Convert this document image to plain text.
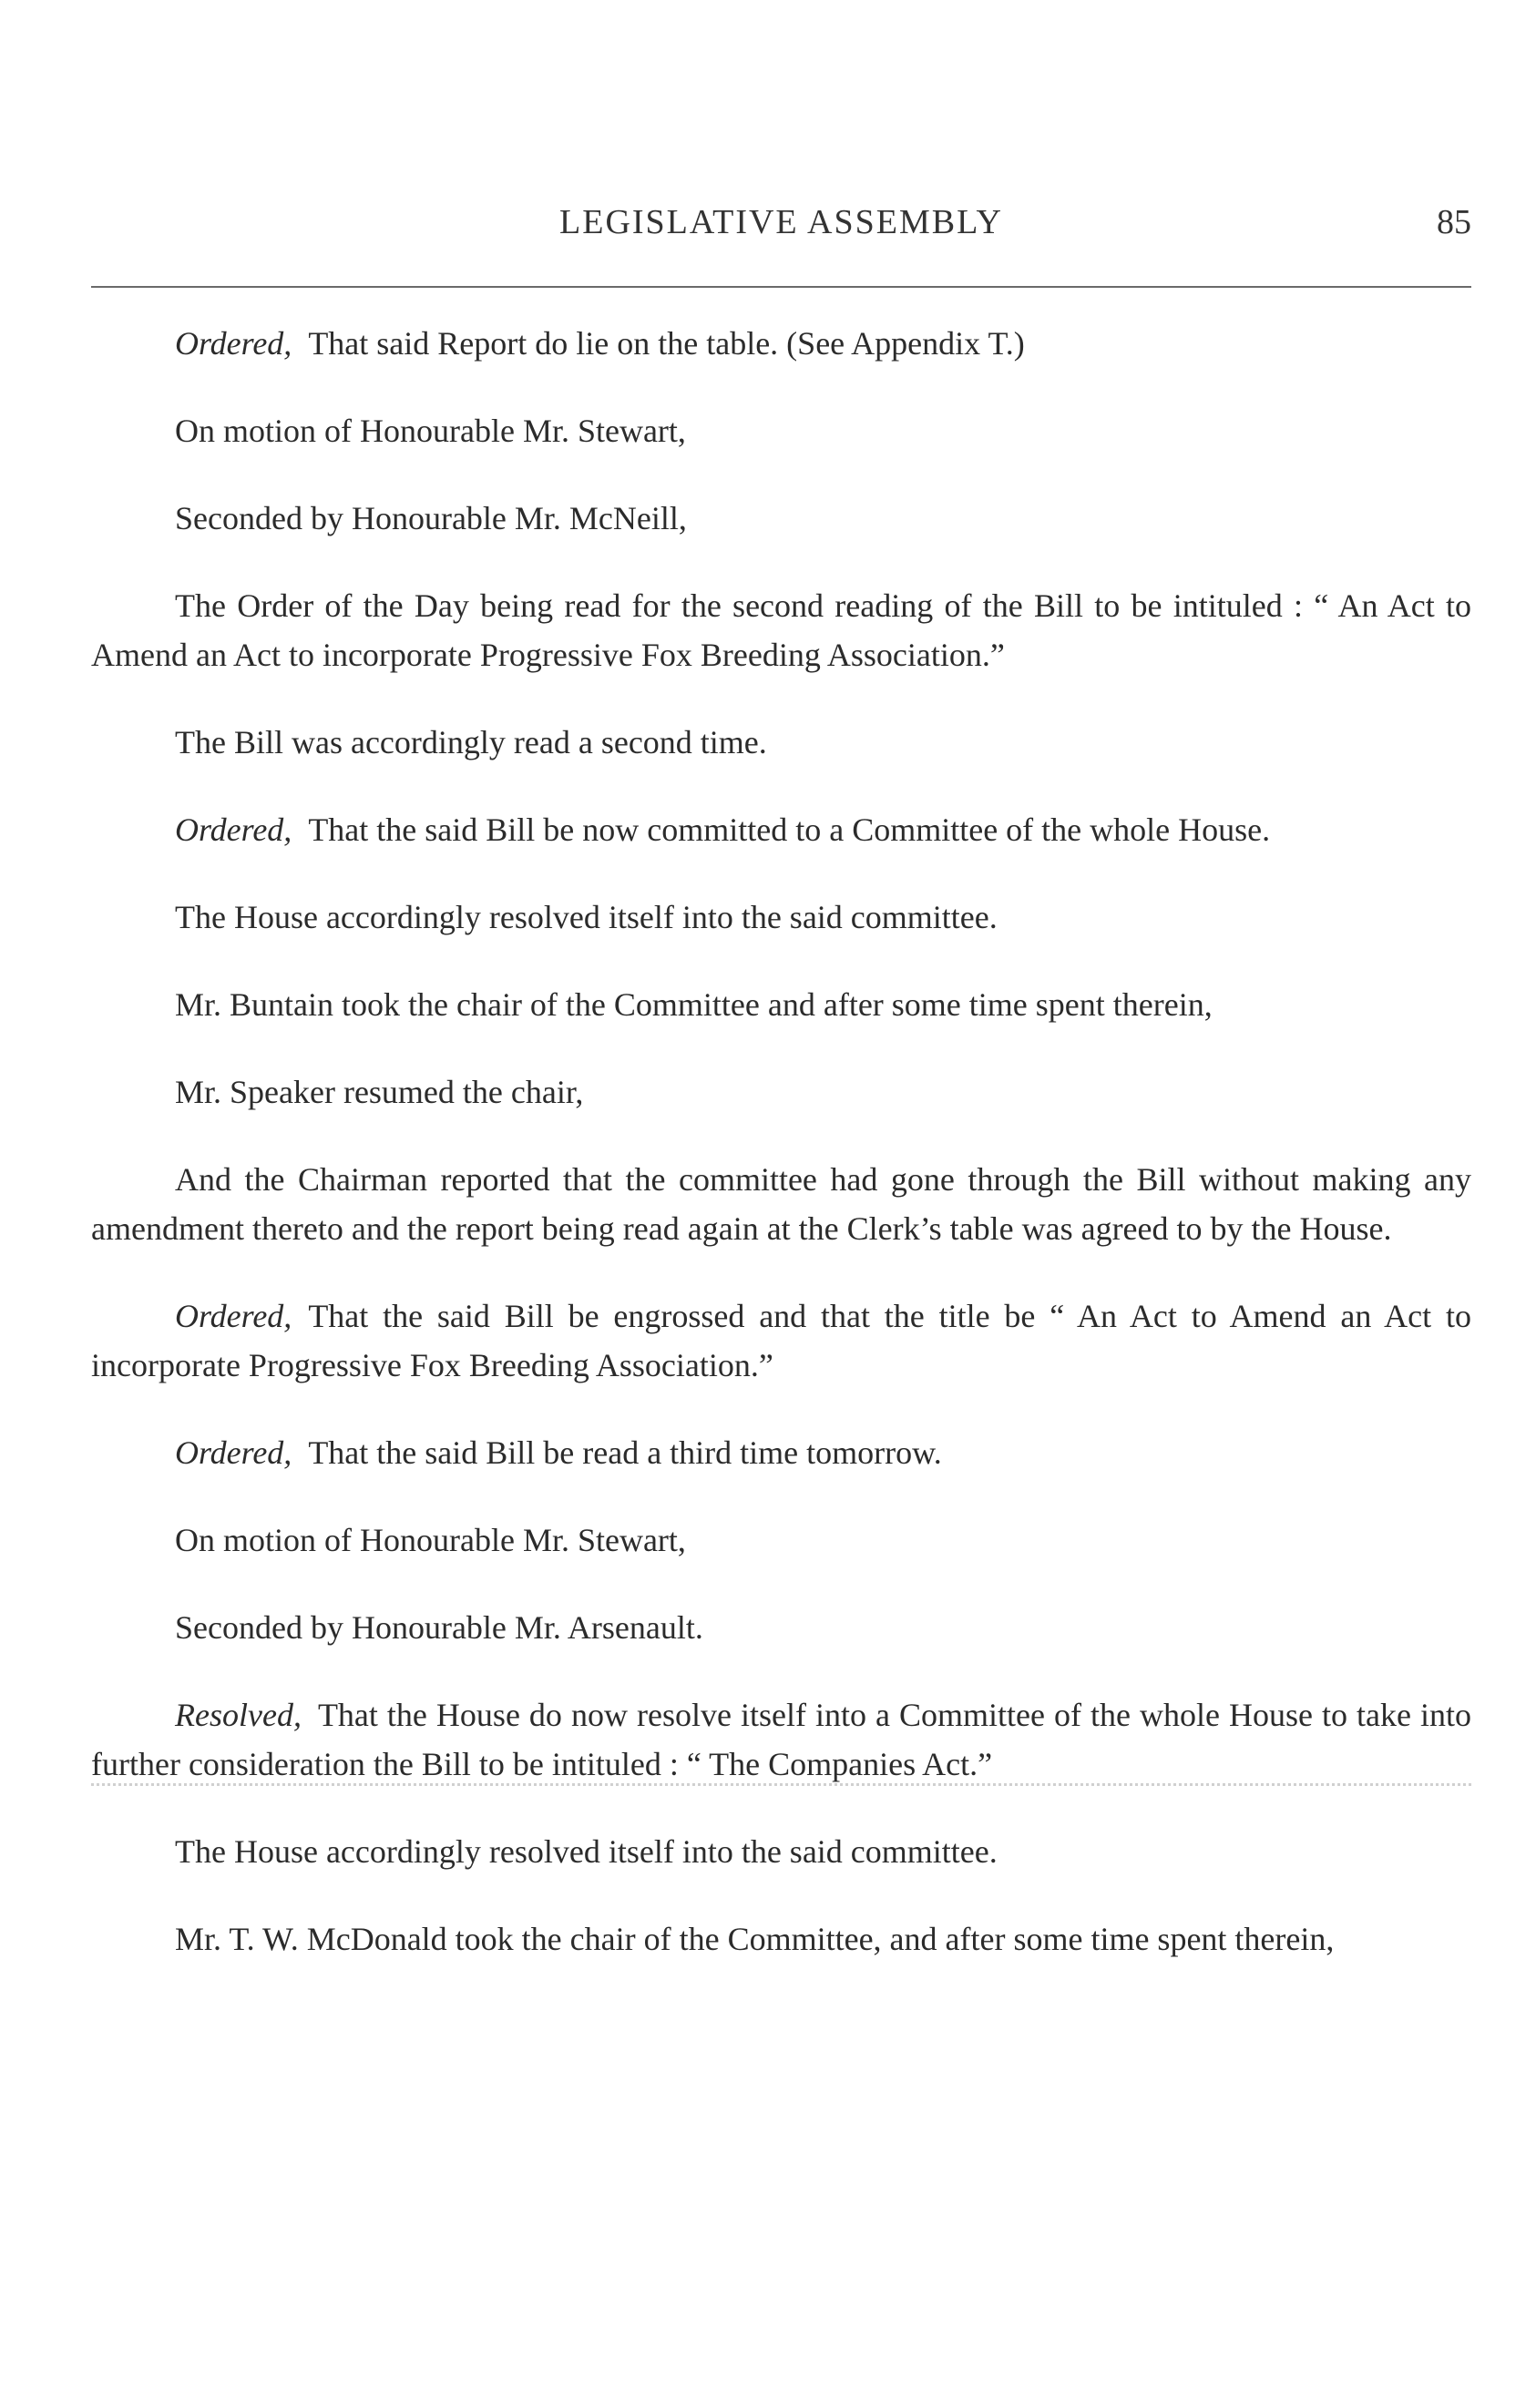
LEGISLATIVE ASSEMBLY	85

Ordered, That said Report do lie on the table. (See Appendix T.)

On motion of Honourable Mr. Stewart,

Seconded by Honourable Mr. McNeill,

The Order of the Day being read for the second reading of the Bill to be intituled : “ An Act to Amend an Act to incorporate Progressive Fox Breeding Association.”

The Bill was accordingly read a second time.

Ordered, That the said Bill be now committed to a Committee of the whole House.

The House accordingly resolved itself into the said committee.

Mr. Buntain took the chair of the Committee and after some time spent therein,

Mr. Speaker resumed the chair,

And the Chairman reported that the committee had gone through the Bill without making any amendment thereto and the report being read again at the Clerk’s table was agreed to by the House.

Ordered, That the said Bill be engrossed and that the title be “ An Act to Amend an Act to incorporate Progressive Fox Breeding Association.”

Ordered, That the said Bill be read a third time tomorrow.

On motion of Honourable Mr. Stewart,

Seconded by Honourable Mr. Arsenault.

Resolved, That the House do now resolve itself into a Committee of the whole House to take into further consideration the Bill to be intituled : “ The Companies Act.”

The House accordingly resolved itself into the said committee.

Mr. T. W. McDonald took the chair of the Committee, and after some time spent therein,
